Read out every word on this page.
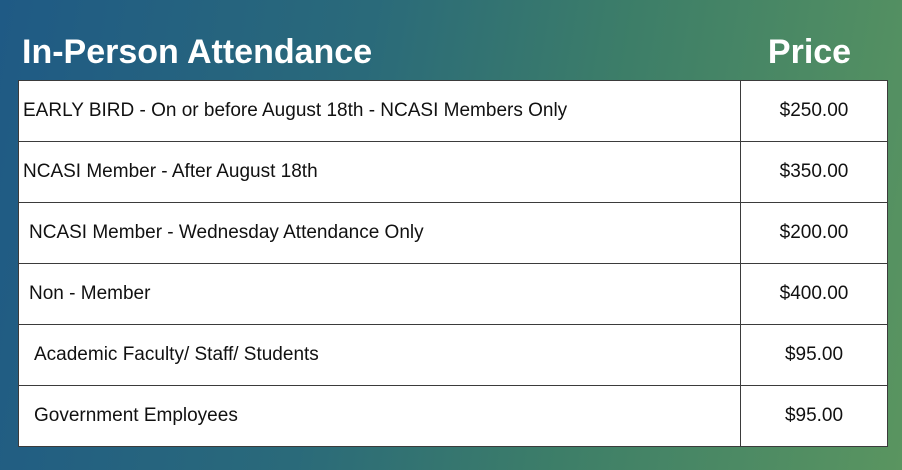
In-Person Attendance	Price
EARLY BIRD - On or before August 18th - NCASI Members Only	$250.00
NCASI Member - After August 18th	$350.00
NCASI Member - Wednesday Attendance Only	$200.00
Non - Member	$400.00
Academic Faculty/ Staff/ Students	$95.00
Government Employees	$95.00
